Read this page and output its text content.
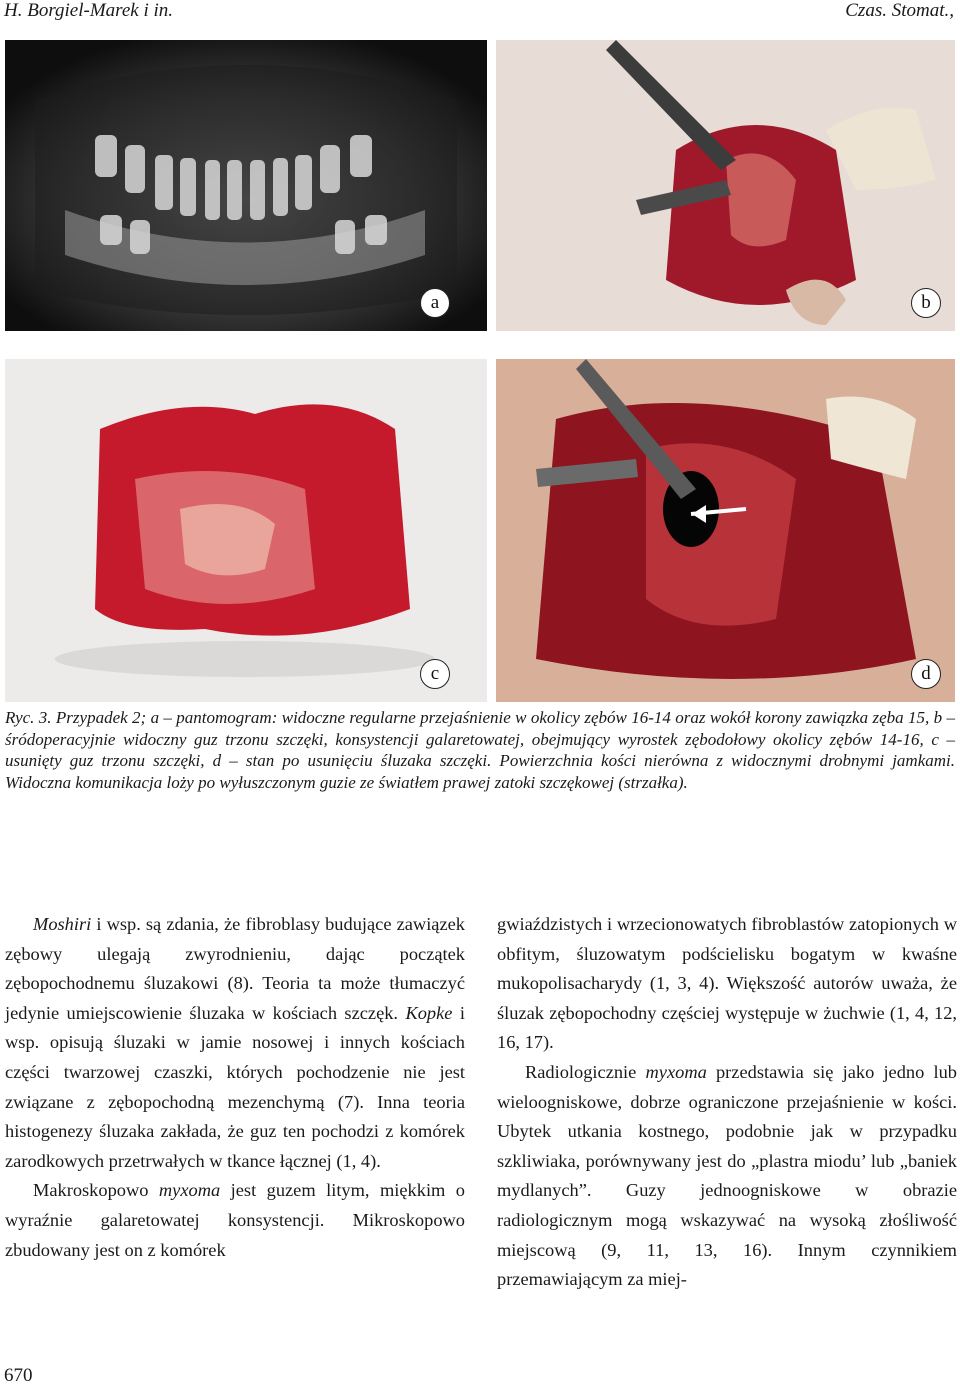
H. Borgiel-Marek i in.	Czas. Stomat.,
a	b
c	d
Ryc. 3. Przypadek 2; a – pantomogram: widoczne regularne przejaśnienie w okolicy zębów 16-14 oraz wokół korony zawiązka zęba 15, b – śródoperacyjnie widoczny guz trzonu szczęki, konsystencji galaretowatej, obejmujący wyrostek zębodołowy okolicy zębów 14-16, c – usunięty guz trzonu szczęki, d – stan po usunięciu śluzaka szczęki. Powierzchnia kości nierówna z widocznymi drobnymi jamkami. Widoczna komunikacja loży po wyłuszczonym guzie ze światłem prawej zatoki szczękowej (strzałka).

Moshiri i wsp. są zdania, że fibroblasy budujące zawiązek zębowy ulegają zwyrodnieniu, dając początek zębopochodnemu śluzakowi (8). Teoria ta może tłumaczyć jedynie umiejscowienie śluzaka w kościach szczęk. Kopke i wsp. opisują śluzaki w jamie nosowej i innych kościach części twarzowej czaszki, których pochodzenie nie jest związane z zębopochodną mezenchymą (7). Inna teoria histogenezy śluzaka zakłada, że guz ten pochodzi z komórek zarodkowych przetrwałych w tkance łącznej (1, 4).

Makroskopowo myxoma jest guzem litym, miękkim o wyraźnie galaretowatej konsystencji. Mikroskopowo zbudowany jest on z komórek

gwiaździstych i wrzecionowatych fibroblastów zatopionych w obfitym, śluzowatym podścielisku bogatym w kwaśne mukopolisacharydy (1, 3, 4). Większość autorów uważa, że śluzak zębopochodny częściej występuje w żuchwie (1, 4, 12, 16, 17).

Radiologicznie myxoma przedstawia się jako jedno lub wieloogniskowe, dobrze ograniczone przejaśnienie w kości. Ubytek utkania kostnego, podobnie jak w przypadku szkliwiaka, porównywany jest do „plastra miodu’ lub „baniek mydlanych”. Guzy jednoogniskowe w obrazie radiologicznym mogą wskazywać na wysoką złośliwość miejscową (9, 11, 13, 16). Innym czynnikiem przemawiającym za miej-

670
